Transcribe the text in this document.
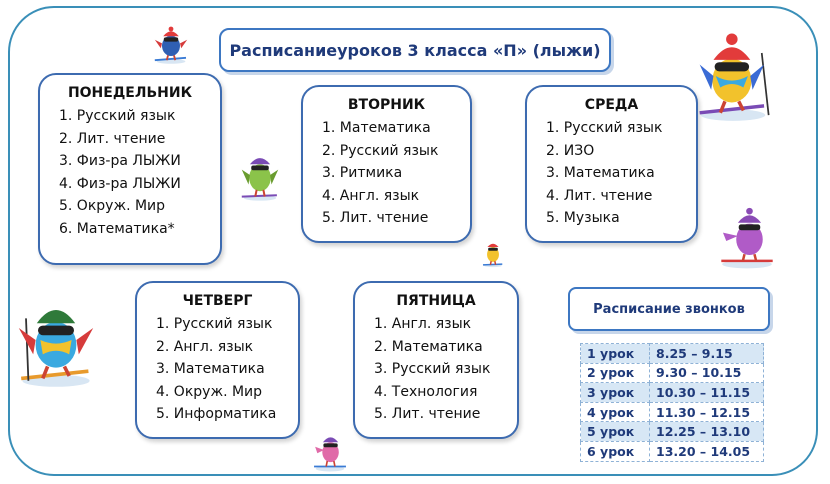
Расписаниеуроков 3 класса «П» (лыжи)
ПОНЕДЕЛЬНИК
1. Русский язык
2. Лит. чтение
3. Физ-ра ЛЫЖИ
4. Физ-ра ЛЫЖИ
5. Окруж. Мир
6. Математика*
ВТОРНИК
1. Математика
2. Русский язык
3. Ритмика
4. Англ. язык
5. Лит. чтение
СРЕДА
1. Русский язык
2. ИЗО
3. Математика
4. Лит. чтение
5. Музыка
ЧЕТВЕРГ
1. Русский язык
2. Англ. язык
3. Математика
4. Окруж. Мир
5. Информатика
ПЯТНИЦА
1. Англ. язык
2. Математика
3. Русский язык
4. Технология
5. Лит. чтение
Расписание звонков
1 урок	8.25 – 9.15
2 урок	9.30 – 10.15
3 урок	10.30 – 11.15
4 урок	11.30 – 12.15
5 урок	12.25 – 13.10
6 урок	13.20 – 14.05
